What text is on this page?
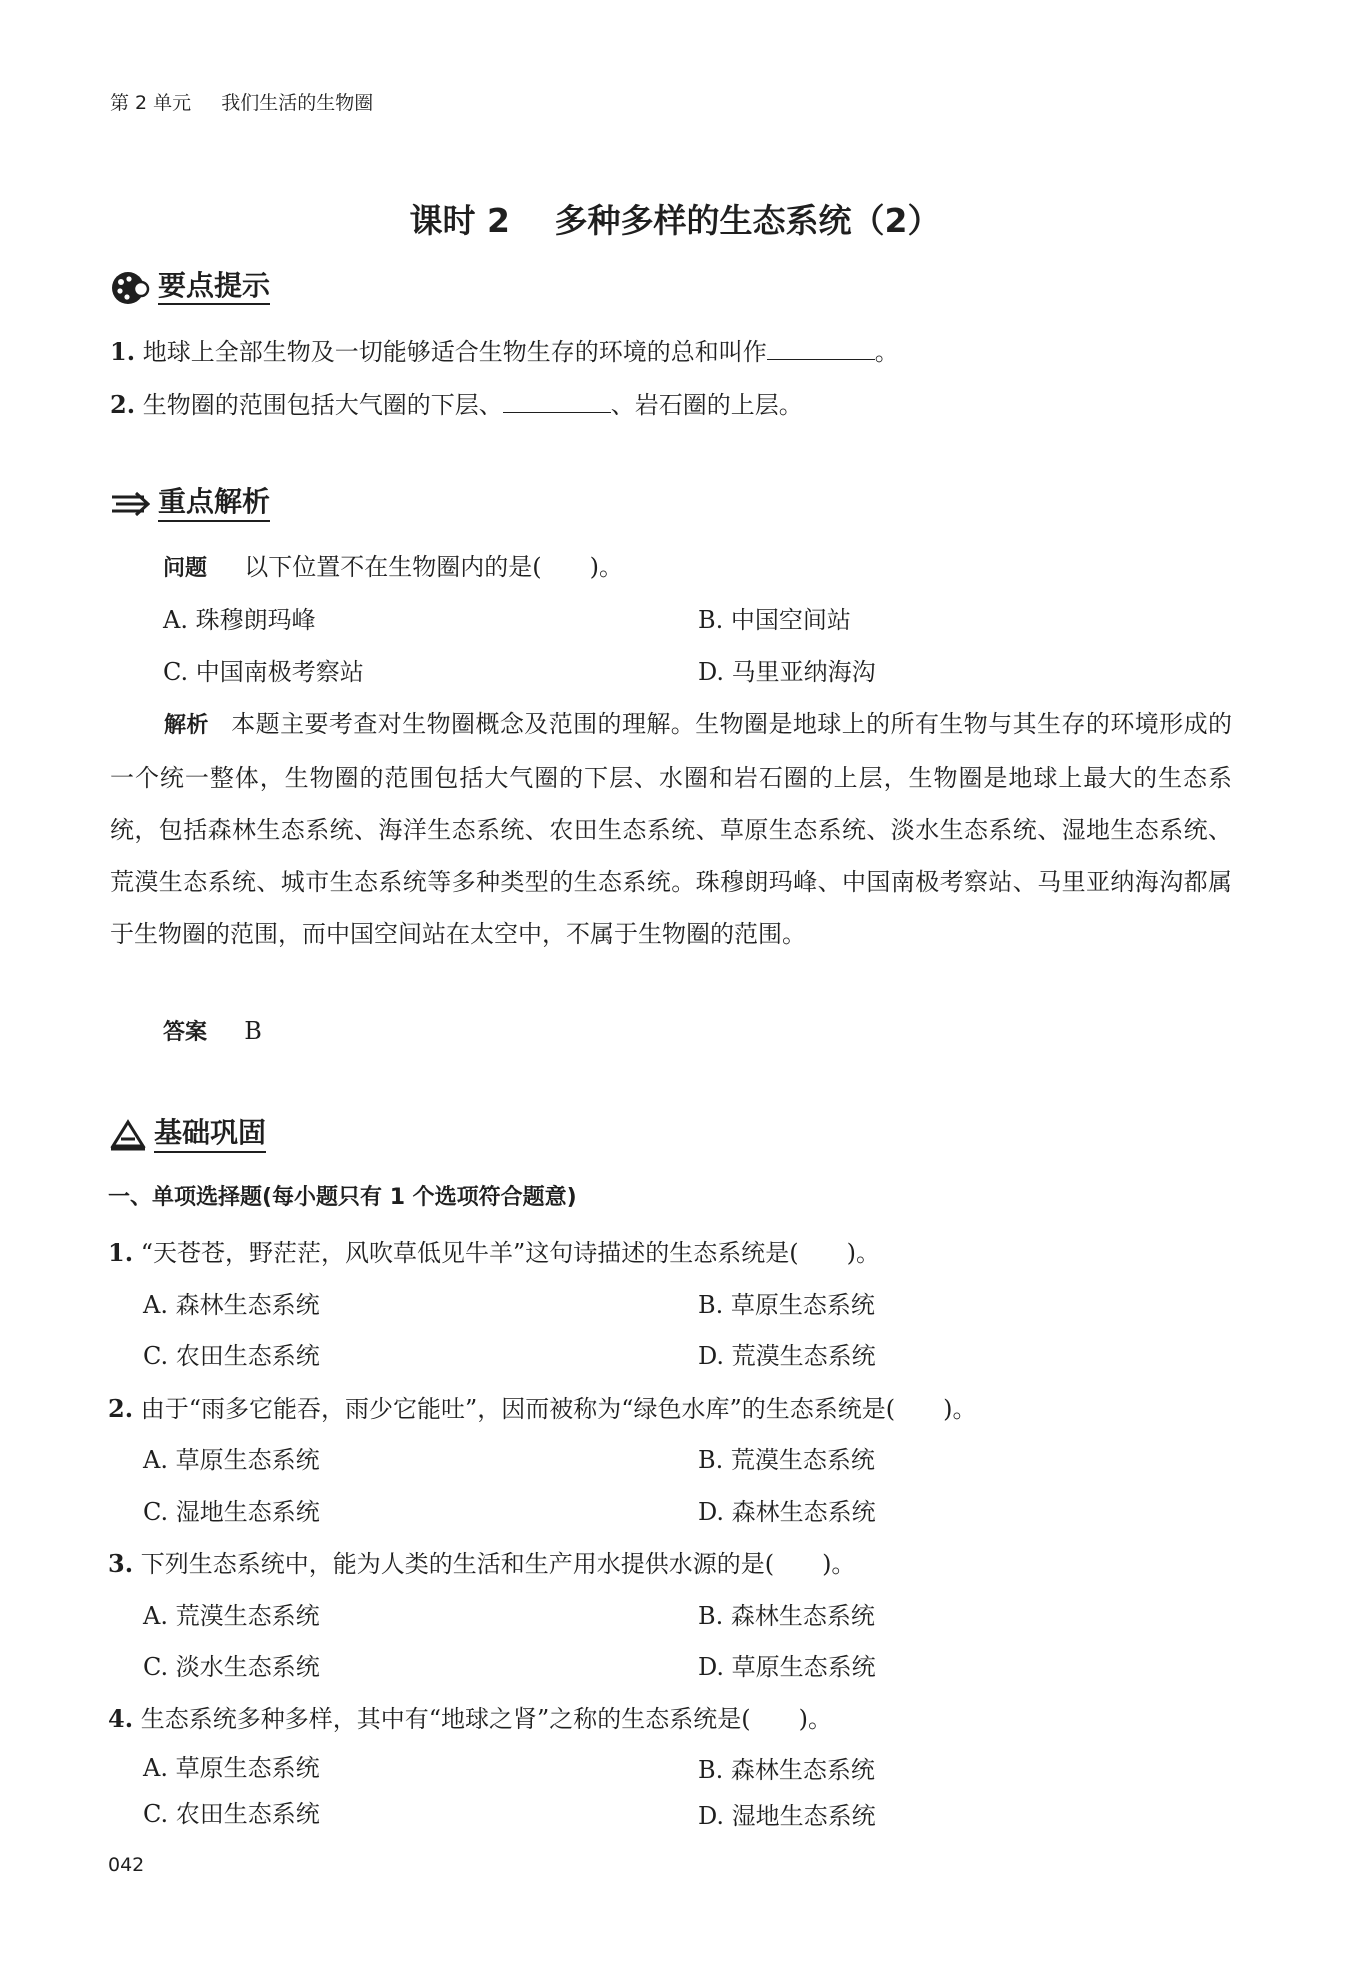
第 2 单元 我们生活的生物圈
课时 2　 多种多样的生态系统（2）
要点提示
1. 地球上全部生物及一切能够适合生物生存的环境的总和叫作	。
2. 生物圈的范围包括大气圈的下层、	、岩石圈的上层。
重点解析
问题 以下位置不在生物圈内的是(　　)。
A. 珠穆朗玛峰	B. 中国空间站
C. 中国南极考察站	D. 马里亚纳海沟
解析 本题主要考查对生物圈概念及范围的理解。生物圈是地球上的所有生物与其生存的环境形成的一个统一整体，生物圈的范围包括大气圈的下层、水圈和岩石圈的上层，生物圈是地球上最大的生态系统，包括森林生态系统、海洋生态系统、农田生态系统、草原生态系统、淡水生态系统、湿地生态系统、荒漠生态系统、城市生态系统等多种类型的生态系统。珠穆朗玛峰、中国南极考察站、马里亚纳海沟都属于生物圈的范围，而中国空间站在太空中，不属于生物圈的范围。
答案 B
基础巩固
一、单项选择题(每小题只有 1 个选项符合题意)
1. “天苍苍，野茫茫，风吹草低见牛羊”这句诗描述的生态系统是(　　)。
A. 森林生态系统	B. 草原生态系统
C. 农田生态系统	D. 荒漠生态系统
2. 由于“雨多它能吞，雨少它能吐”，因而被称为“绿色水库”的生态系统是(　　)。
A. 草原生态系统	B. 荒漠生态系统
C. 湿地生态系统	D. 森林生态系统
3. 下列生态系统中，能为人类的生活和生产用水提供水源的是(　　)。
A. 荒漠生态系统	B. 森林生态系统
C. 淡水生态系统	D. 草原生态系统
4. 生态系统多种多样，其中有“地球之肾”之称的生态系统是(　　)。
A. 草原生态系统	B. 森林生态系统
C. 农田生态系统	D. 湿地生态系统
042
